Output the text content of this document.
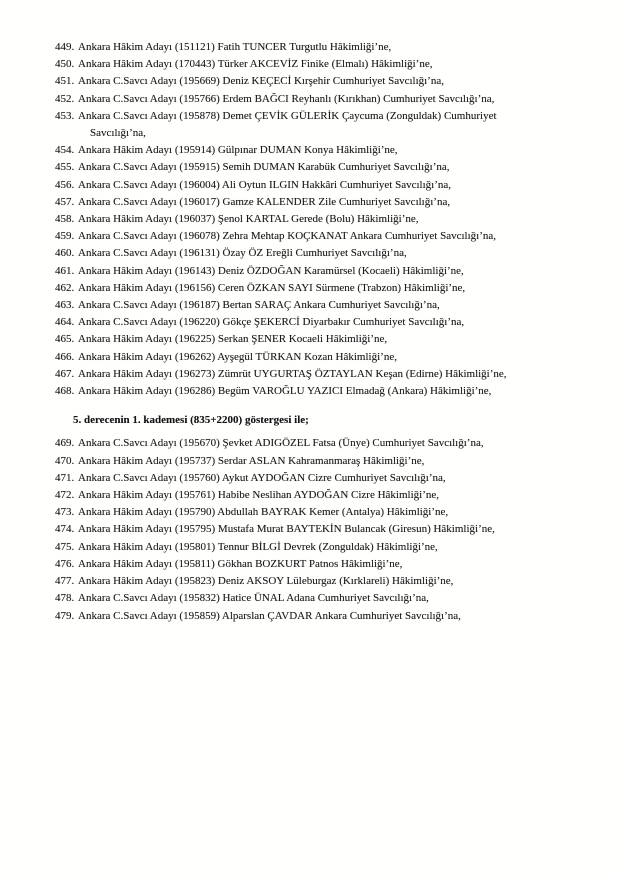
449. Ankara Hâkim Adayı (151121) Fatih TUNCER Turgutlu Hâkimliği’ne,
450. Ankara Hâkim Adayı (170443) Türker AKCEVİZ Finike (Elmalı) Hâkimliği’ne,
451. Ankara C.Savcı Adayı (195669) Deniz KEÇECİ Kırşehir Cumhuriyet Savcılığı’na,
452. Ankara C.Savcı Adayı (195766) Erdem BAĞCI Reyhanlı (Kırıkhan) Cumhuriyet Savcılığı’na,
453. Ankara C.Savcı Adayı (195878) Demet ÇEVİK GÜLERİK Çaycuma (Zonguldak) Cumhuriyet
Savcılığı’na,
454. Ankara Hâkim Adayı (195914) Gülpınar DUMAN Konya Hâkimliği’ne,
455. Ankara C.Savcı Adayı (195915) Semih DUMAN Karabük Cumhuriyet Savcılığı’na,
456. Ankara C.Savcı Adayı (196004) Ali Oytun ILGIN Hakkâri Cumhuriyet Savcılığı’na,
457. Ankara C.Savcı Adayı (196017) Gamze KALENDER Zile Cumhuriyet Savcılığı’na,
458. Ankara Hâkim Adayı (196037) Şenol KARTAL Gerede (Bolu) Hâkimliği’ne,
459. Ankara C.Savcı Adayı (196078) Zehra Mehtap KOÇKANAT Ankara Cumhuriyet Savcılığı’na,
460. Ankara C.Savcı Adayı (196131) Özay ÖZ Ereğli Cumhuriyet Savcılığı’na,
461. Ankara Hâkim Adayı (196143) Deniz ÖZDOĞAN Karamürsel (Kocaeli) Hâkimliği’ne,
462. Ankara Hâkim Adayı (196156) Ceren ÖZKAN SAYI Sürmene (Trabzon) Hâkimliği’ne,
463. Ankara C.Savcı Adayı (196187) Bertan SARAÇ Ankara Cumhuriyet Savcılığı’na,
464. Ankara C.Savcı Adayı (196220) Gökçe ŞEKERCİ Diyarbakır Cumhuriyet Savcılığı’na,
465. Ankara Hâkim Adayı (196225) Serkan ŞENER Kocaeli Hâkimliği’ne,
466. Ankara Hâkim Adayı (196262) Ayşegül TÜRKAN Kozan Hâkimliği’ne,
467. Ankara Hâkim Adayı (196273) Zümrüt UYGURTAŞ ÖZTAYLAN Keşan (Edirne) Hâkimliği’ne,
468. Ankara Hâkim Adayı (196286) Begüm VAROĞLU YAZICI Elmadağ (Ankara) Hâkimliği’ne,
5. derecenin 1. kademesi (835+2200) göstergesi ile;
469. Ankara C.Savcı Adayı (195670) Şevket ADIGÖZEL Fatsa (Ünye) Cumhuriyet Savcılığı’na,
470. Ankara Hâkim Adayı (195737) Serdar ASLAN Kahramanmaraş Hâkimliği’ne,
471. Ankara C.Savcı Adayı (195760) Aykut AYDOĞAN Cizre Cumhuriyet Savcılığı’na,
472. Ankara Hâkim Adayı (195761) Habibe Neslihan AYDOĞAN Cizre Hâkimliği’ne,
473. Ankara Hâkim Adayı (195790) Abdullah BAYRAK Kemer (Antalya) Hâkimliği’ne,
474. Ankara Hâkim Adayı (195795) Mustafa Murat BAYTEKİN Bulancak (Giresun) Hâkimliği’ne,
475. Ankara Hâkim Adayı (195801) Tennur BİLGİ Devrek (Zonguldak) Hâkimliği’ne,
476. Ankara Hâkim Adayı (195811) Gökhan BOZKURT Patnos Hâkimliği’ne,
477. Ankara Hâkim Adayı (195823) Deniz AKSOY Lüleburgaz (Kırklareli) Hâkimliği’ne,
478. Ankara C.Savcı Adayı (195832) Hatice ÜNAL Adana Cumhuriyet Savcılığı’na,
479. Ankara C.Savcı Adayı (195859) Alparslan ÇAVDAR Ankara Cumhuriyet Savcılığı’na,
